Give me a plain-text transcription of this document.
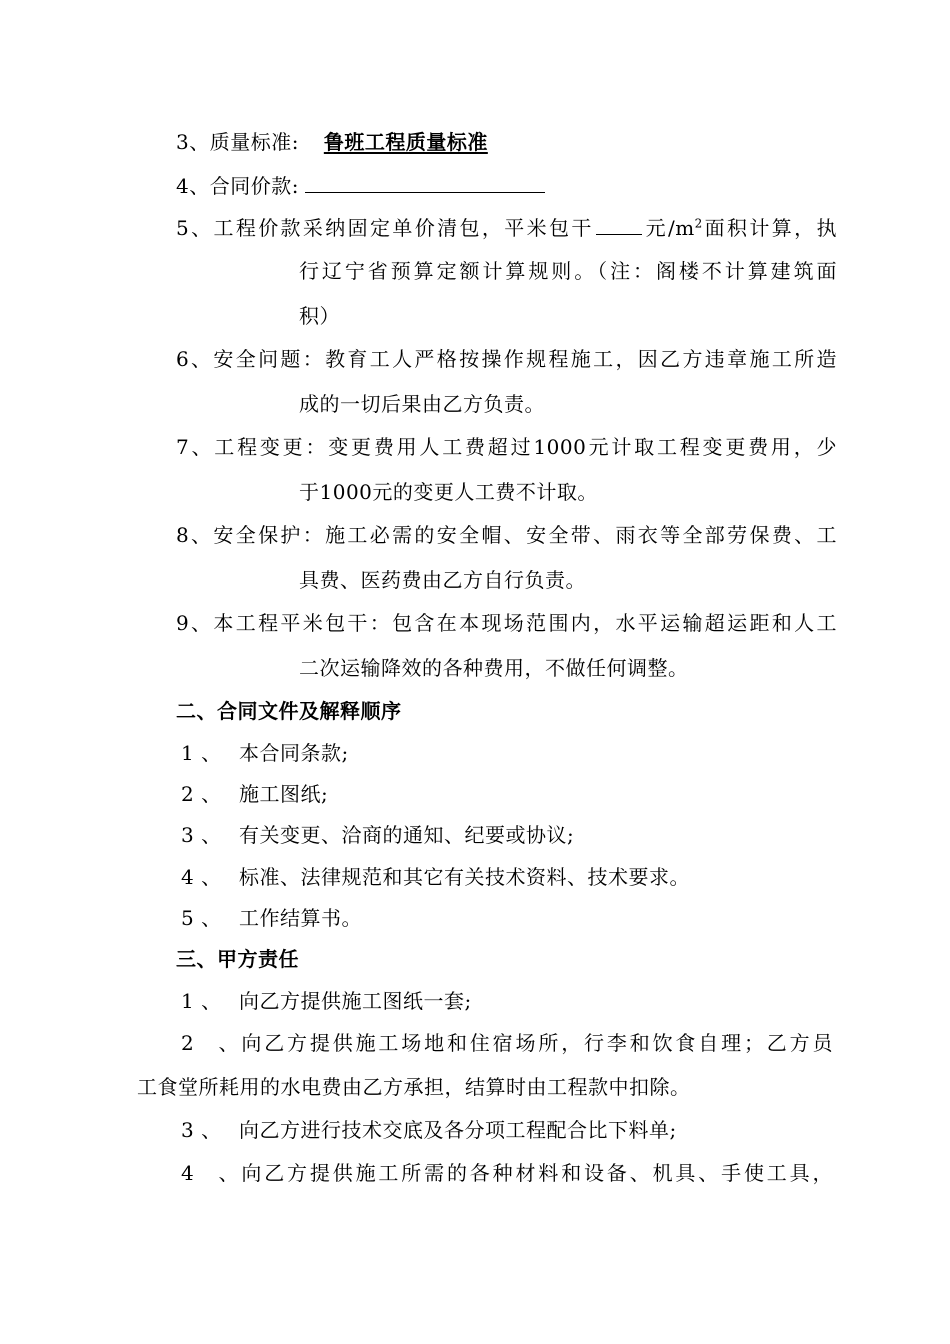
3、质量标准: 鲁班工程质量标准
4、合同价款:
5、工程价款采纳固定单价清包，平米包干	元$/m^2$面积计算，执
行辽宁省预算定额计算规则。（注：阁楼不计算建筑面
积）
6、安全问题：教育工人严格按操作规程施工，因乙方违章施工所造
成的一切后果由乙方负责。
7、工程变更：变更费用人工费超过1000元计取工程变更费用，少
于1000元的变更人工费不计取。
8、安全保护：施工必需的安全帽、安全带、雨衣等全部劳保费、工
具费、医药费由乙方自行负责。
9、本工程平米包干：包含在本现场范围内，水平运输超运距和人工
二次运输降效的各种费用，不做任何调整。
二、合同文件及解释顺序
1 、 本合同条款;
2 、 施工图纸;
3 、 有关变更、洽商的通知、纪要或协议;
4 、 标准、法律规范和其它有关技术资料、技术要求。
5 、 工作结算书。
三、甲方责任
1 、 向乙方提供施工图纸一套;
2 、向乙方提供施工场地和住宿场所，行李和饮食自理；乙方员
工食堂所耗用的水电费由乙方承担，结算时由工程款中扣除。
3 、 向乙方进行技术交底及各分项工程配合比下料单;
4 、向乙方提供施工所需的各种材料和设备、机具、手使工具，
